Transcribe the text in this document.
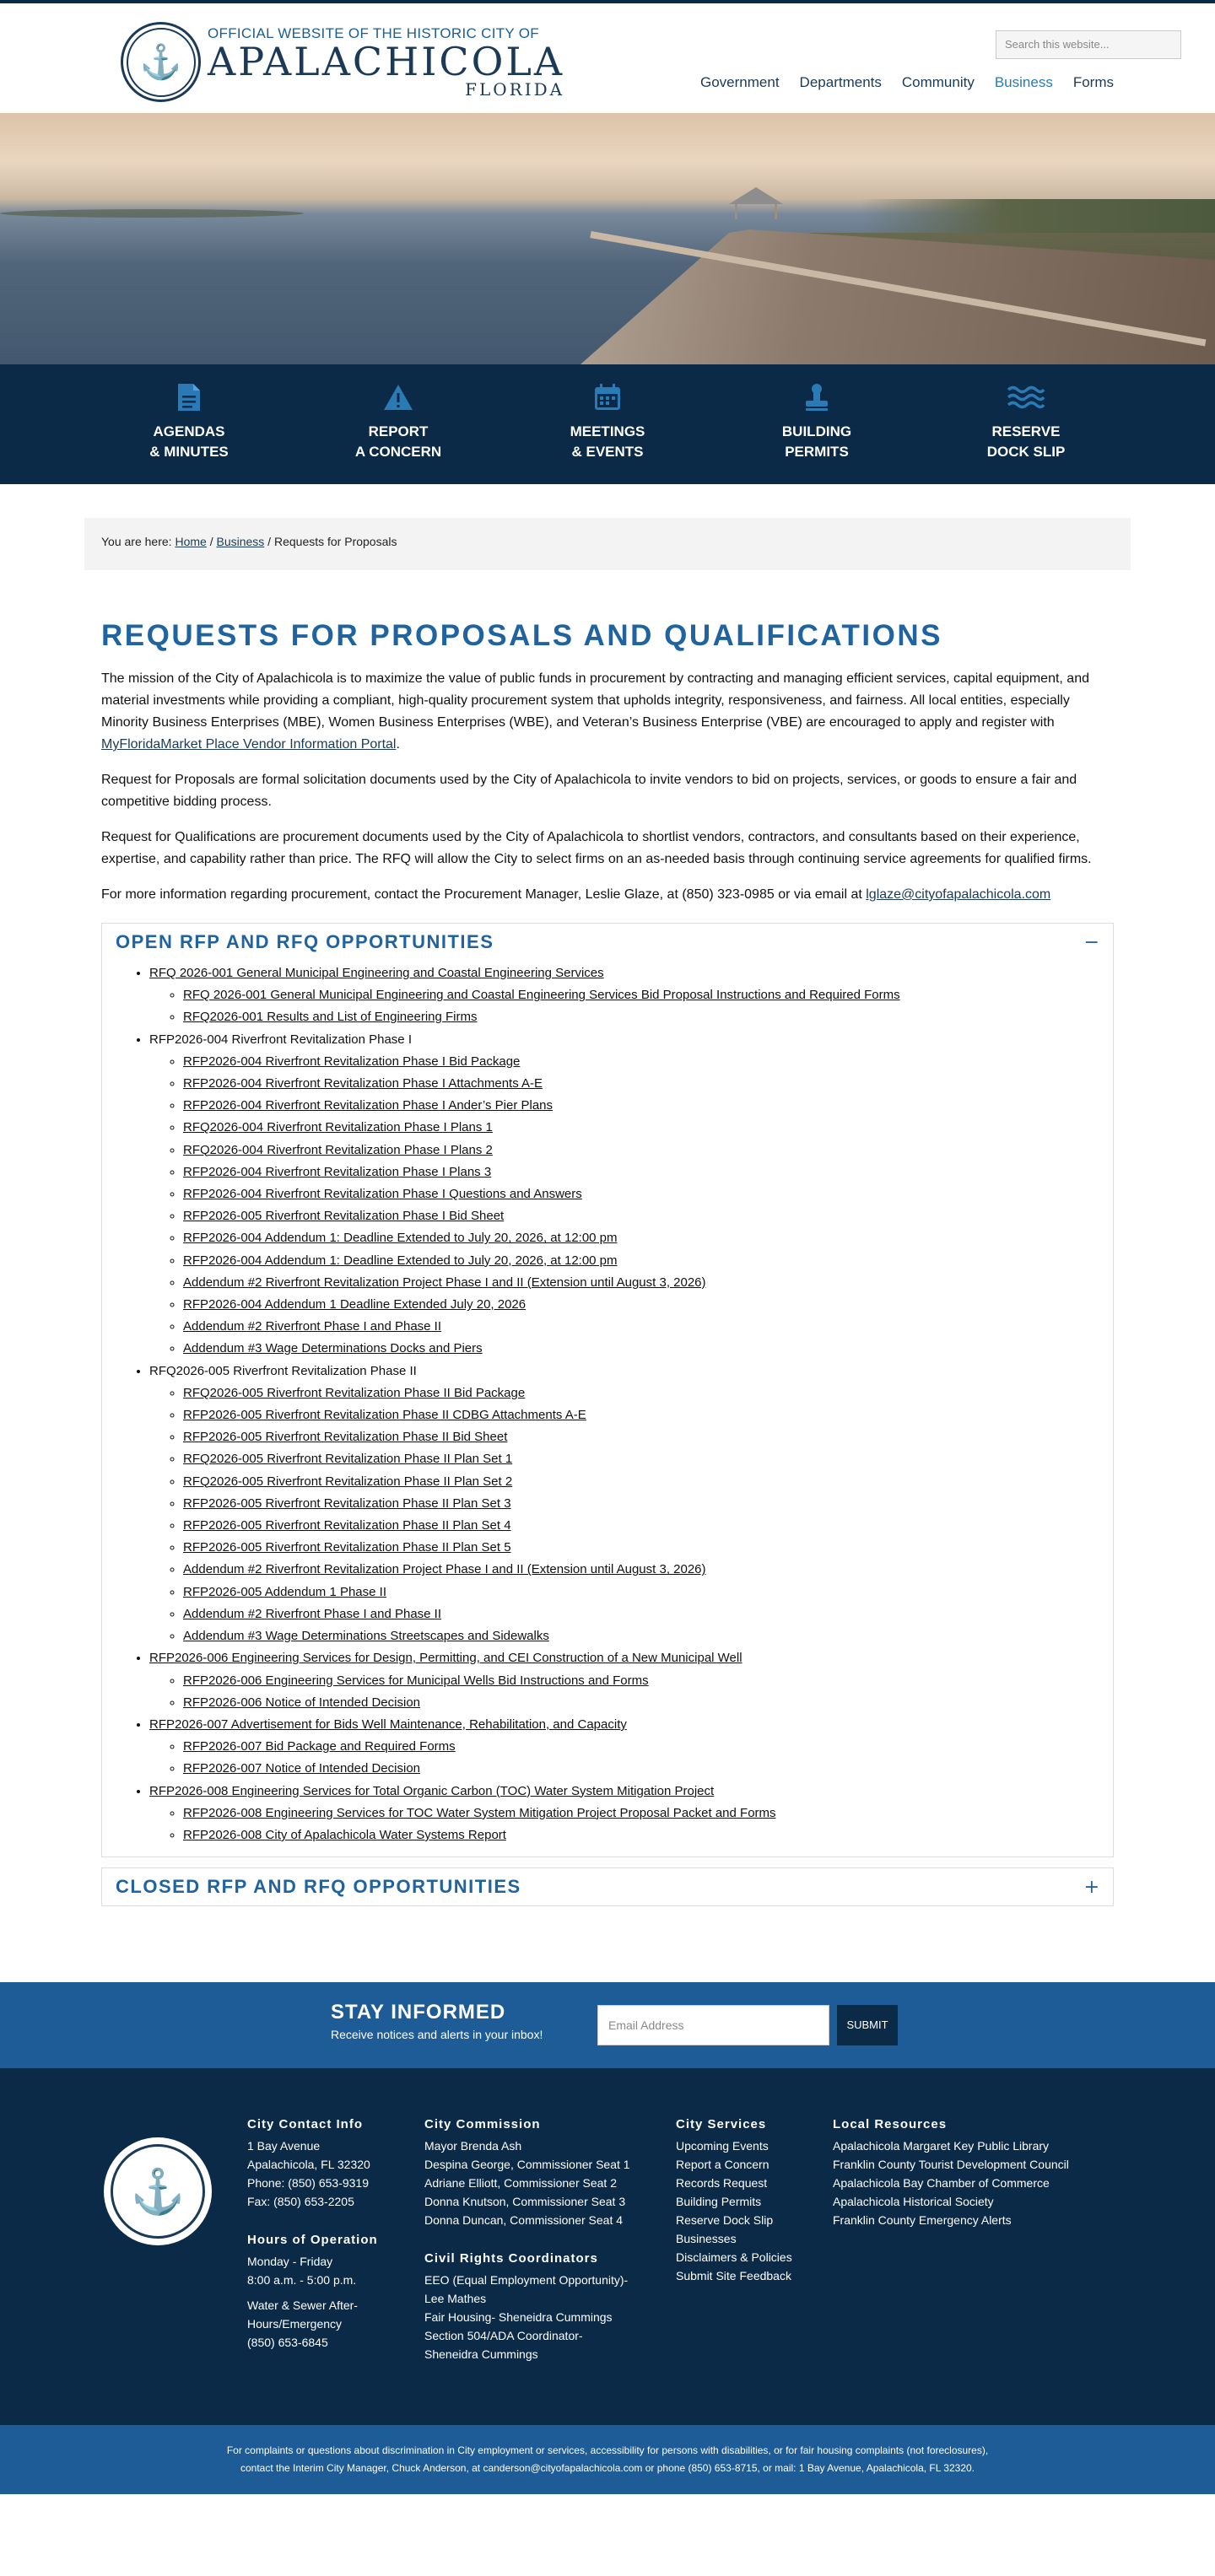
⚓
OFFICIAL WEBSITE OF THE HISTORIC CITY OF
APALACHICOLA
FLORIDA
Search this website...
Government Departments Community Business Forms
AGENDAS
& MINUTES
REPORT
A CONCERN
MEETINGS
& EVENTS
BUILDING
PERMITS
RESERVE
DOCK SLIP
You are here: Home / Business / Requests for Proposals
REQUESTS FOR PROPOSALS AND QUALIFICATIONS

The mission of the City of Apalachicola is to maximize the value of public funds in procurement by contracting and managing efficient services, capital equipment, and material investments while providing a compliant, high-quality procurement system that upholds integrity, responsiveness, and fairness. All local entities, especially Minority Business Enterprises (MBE), Women Business Enterprises (WBE), and Veteran’s Business Enterprise (VBE) are encouraged to apply and register with MyFloridaMarket Place Vendor Information Portal.

Request for Proposals are formal solicitation documents used by the City of Apalachicola to invite vendors to bid on projects, services, or goods to ensure a fair and competitive bidding process.

Request for Qualifications are procurement documents used by the City of Apalachicola to shortlist vendors, contractors, and consultants based on their experience, expertise, and capability rather than price. The RFQ will allow the City to select firms on an as-needed basis through continuing service agreements for qualified firms.

For more information regarding procurement, contact the Procurement Manager, Leslie Glaze, at (850) 323-0985 or via email at lglaze@cityofapalachicola.com

OPEN RFP AND RFQ OPPORTUNITIES	−
• RFQ 2026-001 General Municipal Engineering and Coastal Engineering Services
◦ RFQ 2026-001 General Municipal Engineering and Coastal Engineering Services Bid Proposal Instructions and Required Forms
◦ RFQ2026-001 Results and List of Engineering Firms
• RFP2026-004 Riverfront Revitalization Phase I
◦ RFP2026-004 Riverfront Revitalization Phase I Bid Package
◦ RFP2026-004 Riverfront Revitalization Phase I Attachments A-E
◦ RFP2026-004 Riverfront Revitalization Phase I Ander’s Pier Plans
◦ RFQ2026-004 Riverfront Revitalization Phase I Plans 1
◦ RFQ2026-004 Riverfront Revitalization Phase I Plans 2
◦ RFP2026-004 Riverfront Revitalization Phase I Plans 3
◦ RFP2026-004 Riverfront Revitalization Phase I Questions and Answers
◦ RFP2026-005 Riverfront Revitalization Phase I Bid Sheet
◦ RFP2026-004 Addendum 1: Deadline Extended to July 20, 2026, at 12:00 pm
◦ RFP2026-004 Addendum 1: Deadline Extended to July 20, 2026, at 12:00 pm
◦ Addendum #2 Riverfront Revitalization Project Phase I and II (Extension until August 3, 2026)
◦ RFP2026-004 Addendum 1 Deadline Extended July 20, 2026
◦ Addendum #2 Riverfront Phase I and Phase II
◦ Addendum #3 Wage Determinations Docks and Piers
• RFQ2026-005 Riverfront Revitalization Phase II
◦ RFQ2026-005 Riverfront Revitalization Phase II Bid Package
◦ RFP2026-005 Riverfront Revitalization Phase II CDBG Attachments A-E
◦ RFP2026-005 Riverfront Revitalization Phase II Bid Sheet
◦ RFQ2026-005 Riverfront Revitalization Phase II Plan Set 1
◦ RFQ2026-005 Riverfront Revitalization Phase II Plan Set 2
◦ RFP2026-005 Riverfront Revitalization Phase II Plan Set 3
◦ RFP2026-005 Riverfront Revitalization Phase II Plan Set 4
◦ RFP2026-005 Riverfront Revitalization Phase II Plan Set 5
◦ Addendum #2 Riverfront Revitalization Project Phase I and II (Extension until August 3, 2026)
◦ RFP2026-005 Addendum 1 Phase II
◦ Addendum #2 Riverfront Phase I and Phase II
◦ Addendum #3 Wage Determinations Streetscapes and Sidewalks
• RFP2026-006 Engineering Services for Design, Permitting, and CEI Construction of a New Municipal Well
◦ RFP2026-006 Engineering Services for Municipal Wells Bid Instructions and Forms
◦ RFP2026-006 Notice of Intended Decision
• RFP2026-007 Advertisement for Bids Well Maintenance, Rehabilitation, and Capacity
◦ RFP2026-007 Bid Package and Required Forms
◦ RFP2026-007 Notice of Intended Decision
• RFP2026-008 Engineering Services for Total Organic Carbon (TOC) Water System Mitigation Project
◦ RFP2026-008 Engineering Services for TOC Water System Mitigation Project Proposal Packet and Forms
◦ RFP2026-008 City of Apalachicola Water Systems Report
CLOSED RFP AND RFQ OPPORTUNITIES	+
STAY INFORMED
Receive notices and alerts in your inbox!
Email Address	SUBMIT
⚓
City Contact Info
1 Bay Avenue
Apalachicola, FL 32320
Phone: (850) 653-9319
Fax: (850) 653-2205
Hours of Operation
Monday - Friday
8:00 a.m. - 5:00 p.m.
Water & Sewer After-
Hours/Emergency
(850) 653-6845
City Commission
Mayor Brenda Ash
Despina George, Commissioner Seat 1
Adriane Elliott, Commissioner Seat 2
Donna Knutson, Commissioner Seat 3
Donna Duncan, Commissioner Seat 4
Civil Rights Coordinators
EEO (Equal Employment Opportunity)-
Lee Mathes
Fair Housing- Sheneidra Cummings
Section 504/ADA Coordinator-
Sheneidra Cummings
City Services
Upcoming Events
Report a Concern
Records Request
Building Permits
Reserve Dock Slip
Businesses
Disclaimers & Policies
Submit Site Feedback
Local Resources
Apalachicola Margaret Key Public Library
Franklin County Tourist Development Council
Apalachicola Bay Chamber of Commerce
Apalachicola Historical Society
Franklin County Emergency Alerts
For complaints or questions about discrimination in City employment or services, accessibility for persons with disabilities, or for fair housing complaints (not foreclosures),
contact the Interim City Manager, Chuck Anderson, at canderson@cityofapalachicola.com or phone (850) 653-8715, or mail: 1 Bay Avenue, Apalachicola, FL 32320.
